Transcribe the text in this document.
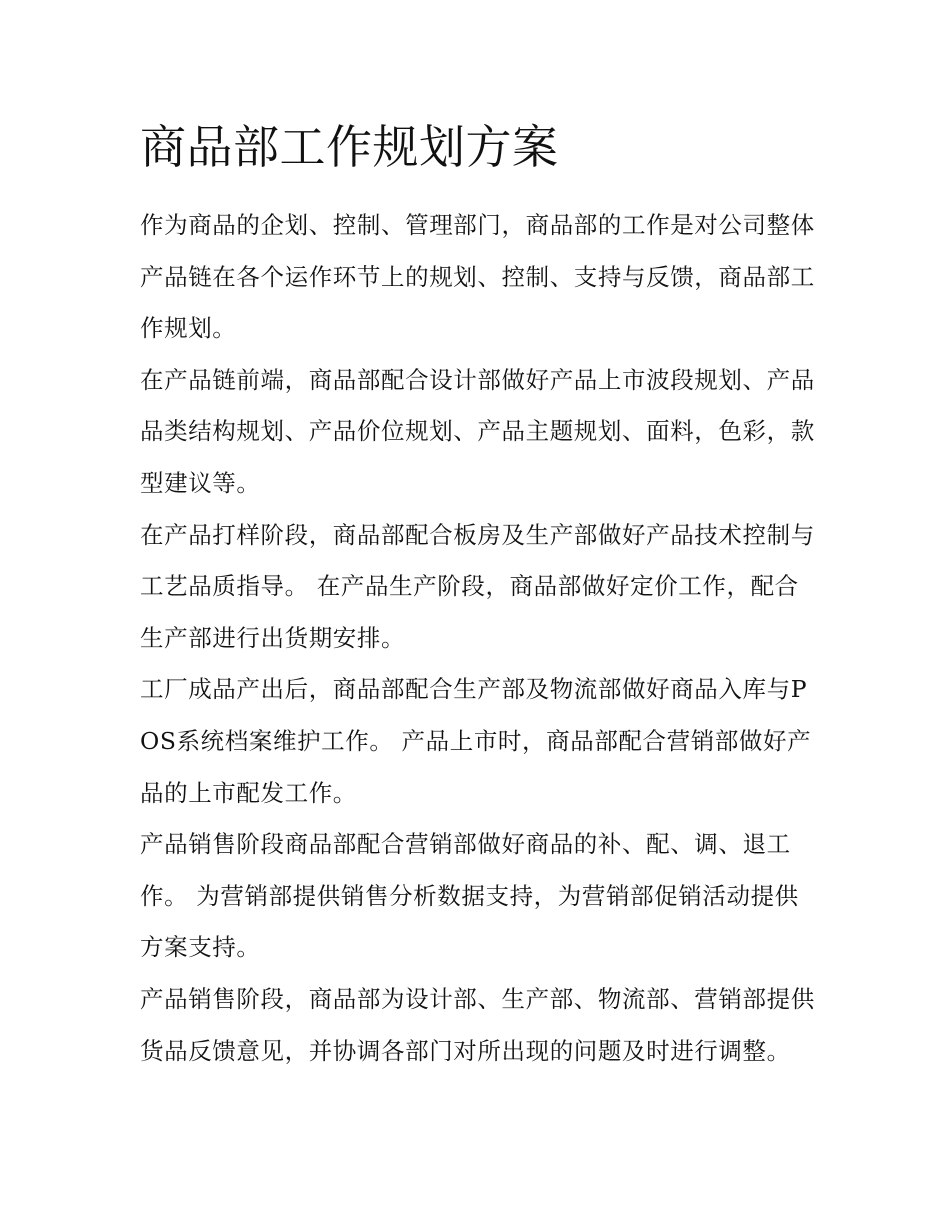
商品部工作规划方案

作为商品的企划、控制、管理部门，商品部的工作是对公司整体产品链在各个运作环节上的规划、控制、支持与反馈，商品部工作规划。

在产品链前端，商品部配合设计部做好产品上市波段规划、产品品类结构规划、产品价位规划、产品主题规划、面料，色彩，款型建议等。

在产品打样阶段，商品部配合板房及生产部做好产品技术控制与工艺品质指导。 在产品生产阶段，商品部做好定价工作，配合生产部进行出货期安排。

工厂成品产出后，商品部配合生产部及物流部做好商品入库与POS系统档案维护工作。 产品上市时，商品部配合营销部做好产品的上市配发工作。

产品销售阶段商品部配合营销部做好商品的补、配、调、退工作。 为营销部提供销售分析数据支持，为营销部促销活动提供方案支持。

产品销售阶段，商品部为设计部、生产部、物流部、营销部提供货品反馈意见，并协调各部门对所出现的问题及时进行调整。
